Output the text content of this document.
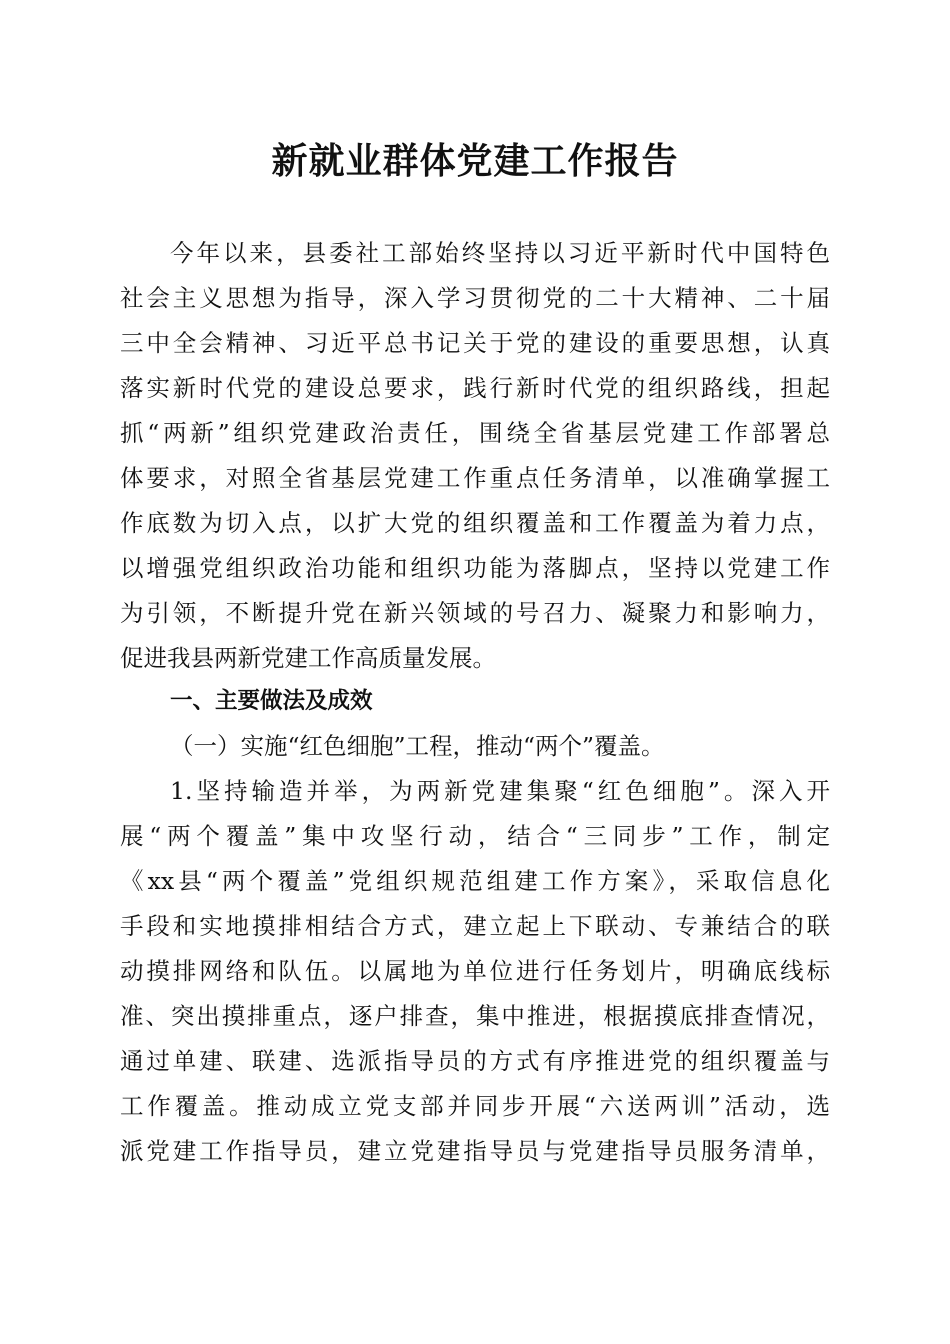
新就业群体党建工作报告
今年以来，县委社工部始终坚持以习近平新时代中国特色
社会主义思想为指导，深入学习贯彻党的二十大精神、二十届
三中全会精神、习近平总书记关于党的建设的重要思想，认真
落实新时代党的建设总要求，践行新时代党的组织路线，担起
抓“两新”组织党建政治责任，围绕全省基层党建工作部署总
体要求，对照全省基层党建工作重点任务清单，以准确掌握工
作底数为切入点，以扩大党的组织覆盖和工作覆盖为着力点，
以增强党组织政治功能和组织功能为落脚点，坚持以党建工作
为引领，不断提升党在新兴领域的号召力、凝聚力和影响力，
促进我县两新党建工作高质量发展。
一、主要做法及成效
（一）实施“红色细胞”工程，推动“两个”覆盖。
1.坚持输造并举，为两新党建集聚“红色细胞”。深入开
展“两个覆盖”集中攻坚行动，结合“三同步”工作，制定
《xx县“两个覆盖”党组织规范组建工作方案》，采取信息化
手段和实地摸排相结合方式，建立起上下联动、专兼结合的联
动摸排网络和队伍。以属地为单位进行任务划片，明确底线标
准、突出摸排重点，逐户排查，集中推进，根据摸底排查情况，
通过单建、联建、选派指导员的方式有序推进党的组织覆盖与
工作覆盖。推动成立党支部并同步开展“六送两训”活动，选
派党建工作指导员，建立党建指导员与党建指导员服务清单，
